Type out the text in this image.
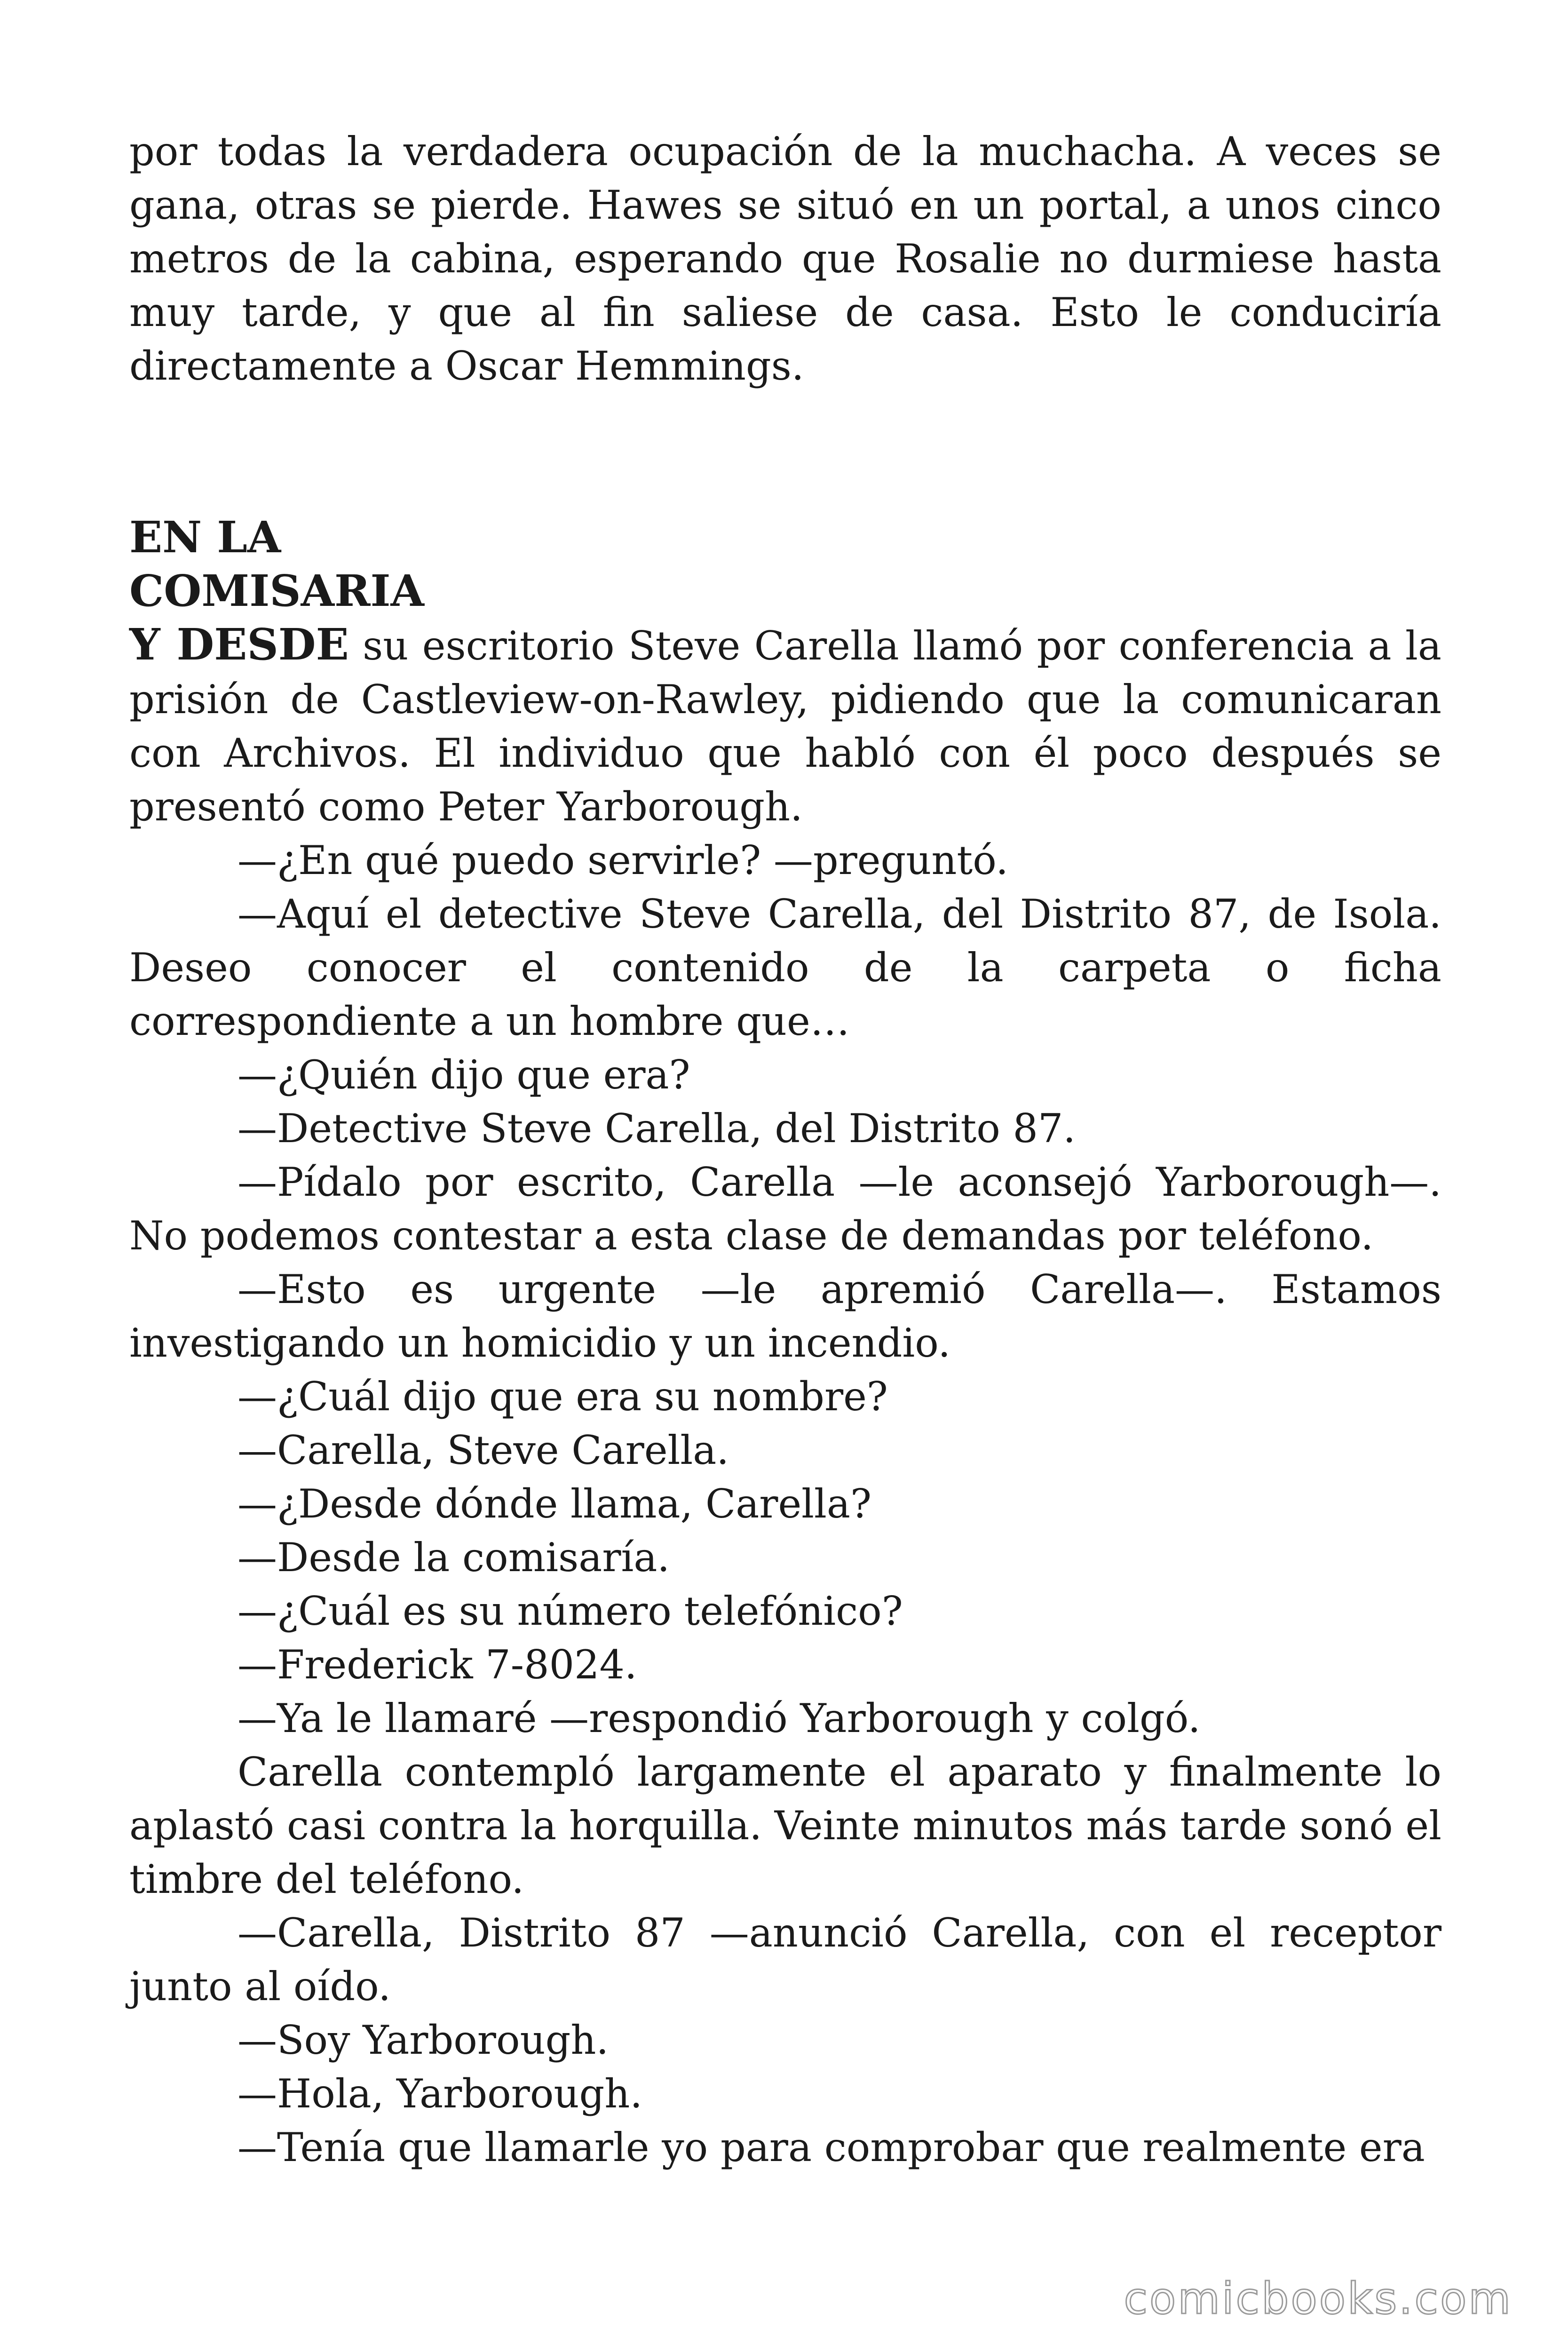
por todas la verdadera ocupación de la muchacha. A veces se gana, otras se pierde. Hawes se situó en un portal, a unos cinco metros de la cabina, esperando que Rosalie no durmiese hasta muy tarde, y que al fin saliese de casa. Esto le conduciría directamente a Oscar Hemmings.

EN LA
COMISARIA

Y DESDE su escritorio Steve Carella llamó por conferencia a la prisión de Castleview-on-Rawley, pidiendo que la comunicaran con Archivos. El individuo que habló con él poco después se presentó como Peter Yarborough.

—¿En qué puedo servirle? —preguntó.

—Aquí el detective Steve Carella, del Distrito 87, de Isola. Deseo conocer el contenido de la carpeta o ficha correspondiente a un hombre que…

—¿Quién dijo que era?

—Detective Steve Carella, del Distrito 87.

—Pídalo por escrito, Carella —le aconsejó Yarborough—. No podemos contestar a esta clase de demandas por teléfono.

—Esto es urgente —le apremió Carella—. Estamos investigando un homicidio y un incendio.

—¿Cuál dijo que era su nombre?

—Carella, Steve Carella.

—¿Desde dónde llama, Carella?

—Desde la comisaría.

—¿Cuál es su número telefónico?

—Frederick 7-8024.

—Ya le llamaré —respondió Yarborough y colgó.

Carella contempló largamente el aparato y finalmente lo aplastó casi contra la horquilla. Veinte minutos más tarde sonó el timbre del teléfono.

—Carella, Distrito 87 —anunció Carella, con el receptor junto al oído.

—Soy Yarborough.

—Hola, Yarborough.

—Tenía que llamarle yo para comprobar que realmente era

comicbooks.com
